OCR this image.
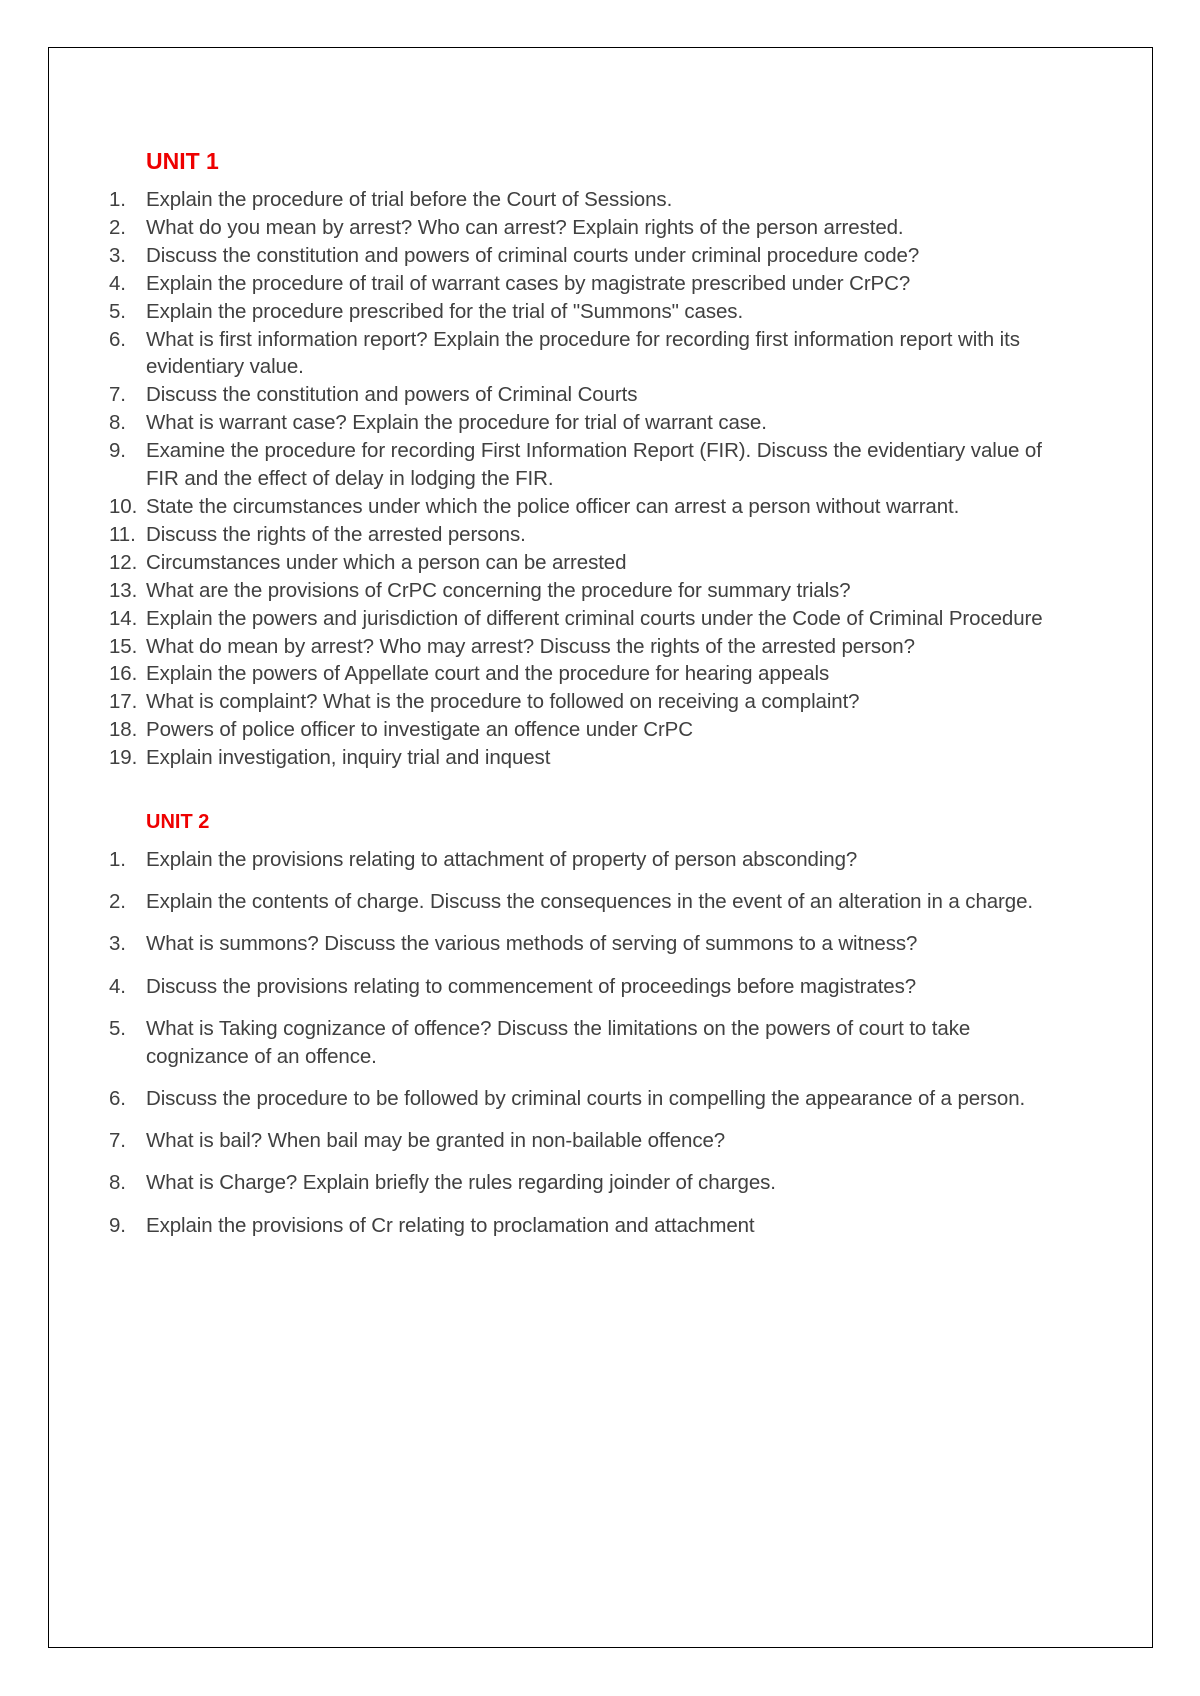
UNIT 1
1. Explain the procedure of trial before the Court of Sessions.
2. What do you mean by arrest? Who can arrest? Explain rights of the person arrested.
3. Discuss the constitution and powers of criminal courts under criminal procedure code?
4. Explain the procedure of trail of warrant cases by magistrate prescribed under CrPC?
5. Explain the procedure prescribed for the trial of "Summons" cases.
6. What is first information report? Explain the procedure for recording first information report with its evidentiary value.
7. Discuss the constitution and powers of Criminal Courts
8. What is warrant case? Explain the procedure for trial of warrant case.
9. Examine the procedure for recording First Information Report (FIR). Discuss the evidentiary value of FIR and the effect of delay in lodging the FIR.
10. State the circumstances under which the police officer can arrest a person without warrant.
11. Discuss the rights of the arrested persons.
12. Circumstances under which a person can be arrested
13. What are the provisions of CrPC concerning the procedure for summary trials?
14. Explain the powers and jurisdiction of different criminal courts under the Code of Criminal Procedure
15. What do mean by arrest? Who may arrest? Discuss the rights of the arrested person?
16. Explain the powers of Appellate court and the procedure for hearing appeals
17. What is complaint? What is the procedure to followed on receiving a complaint?
18. Powers of police officer to investigate an offence under CrPC
19. Explain investigation, inquiry trial and inquest
UNIT 2
1. Explain the provisions relating to attachment of property of person absconding?
2. Explain the contents of charge. Discuss the consequences in the event of an alteration in a charge.
3. What is summons? Discuss the various methods of serving of summons to a witness?
4. Discuss the provisions relating to commencement of proceedings before magistrates?
5. What is Taking cognizance of offence? Discuss the limitations on the powers of court to take cognizance of an offence.
6. Discuss the procedure to be followed by criminal courts in compelling the appearance of a person.
7. What is bail? When bail may be granted in non-bailable offence?
8. What is Charge? Explain briefly the rules regarding joinder of charges.
9. Explain the provisions of Cr relating to proclamation and attachment
